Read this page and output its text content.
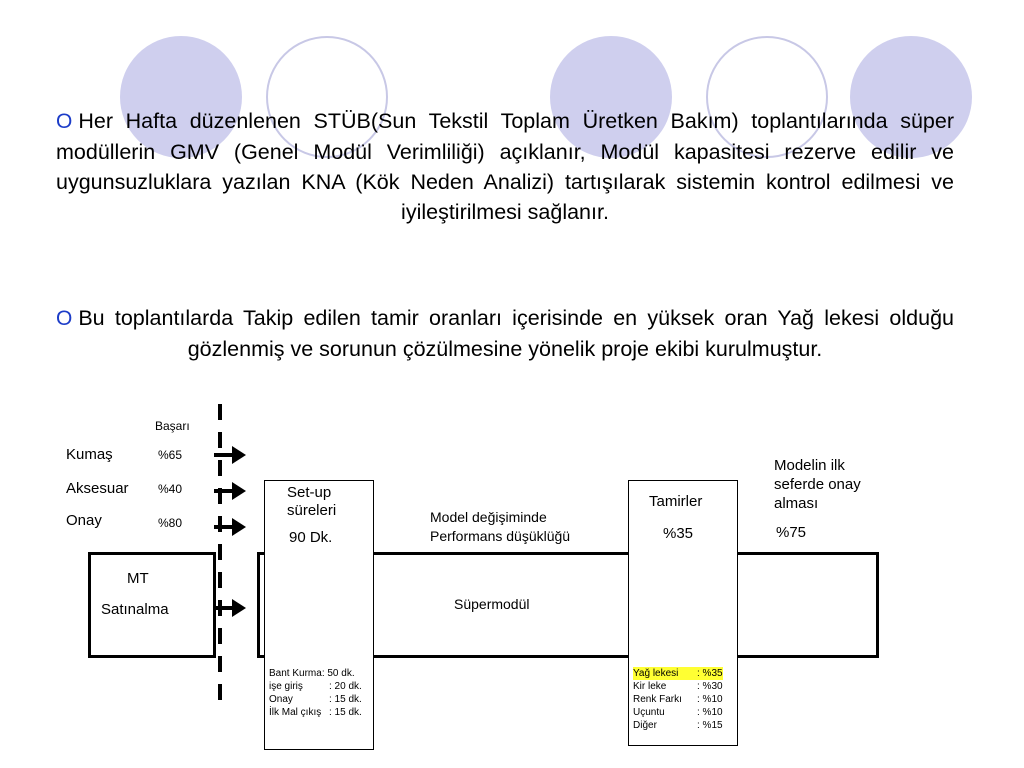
O Her Hafta düzenlenen STÜB(Sun Tekstil Toplam Üretken Bakım) toplantılarında süper modüllerin GMV (Genel Modül Verimliliği) açıklanır, Modül kapasitesi rezerve edilir ve uygunsuzluklara yazılan KNA (Kök Neden Analizi) tartışılarak sistemin kontrol edilmesi ve iyileştirilmesi sağlanır.
O Bu toplantılarda Takip edilen tamir oranları içerisinde en yüksek oran Yağ lekesi olduğu gözlenmiş ve sorunun çözülmesine yönelik proje ekibi kurulmuştur.
Başarı
Kumaş	%65
Aksesuar %40
Onay	%80
MT
Satınalma
Set-up
süreleri
90 Dk.
Bant Kurma : 50 dk.
işe giriş	: 20 dk.
Onay	: 15 dk.
İlk Mal çıkış : 15 dk.
Model değişiminde
Performans düşüklüğü
Süpermodül
Tamirler
%35
Yağ lekesi	: %35
Kir leke	: %30
Renk Farkı	: %10
Uçuntu	: %10
Diğer	: %15
Modelin ilk
seferde onay
alması
%75
